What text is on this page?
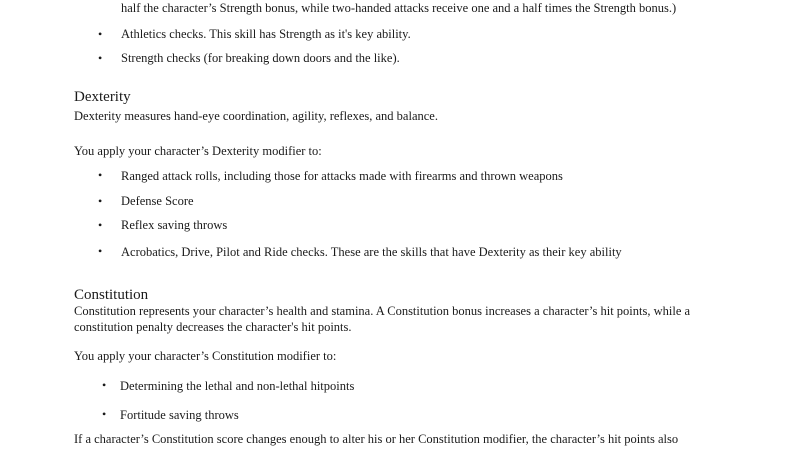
half the character’s Strength bonus, while two-handed attacks receive one and a half times the Strength bonus.)
• Athletics checks. This skill has Strength as it's key ability.
• Strength checks (for breaking down doors and the like).
Dexterity
Dexterity measures hand-eye coordination, agility, reflexes, and balance.
You apply your character’s Dexterity modifier to:
• Ranged attack rolls, including those for attacks made with firearms and thrown weapons
• Defense Score
• Reflex saving throws
• Acrobatics, Drive, Pilot and Ride checks. These are the skills that have Dexterity as their key ability
Constitution
Constitution represents your character’s health and stamina. A Constitution bonus increases a character’s hit points, while a
constitution penalty decreases the character's hit points.
You apply your character’s Constitution modifier to:
• Determining the lethal and non-lethal hitpoints
• Fortitude saving throws
If a character’s Constitution score changes enough to alter his or her Constitution modifier, the character’s hit points also
